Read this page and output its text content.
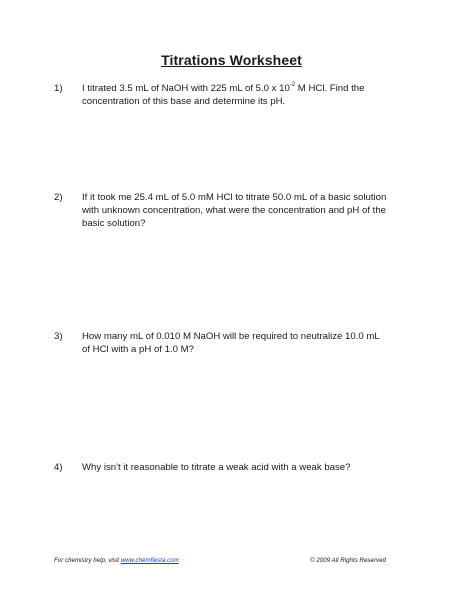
Titrations Worksheet
1) I titrated 3.5 mL of NaOH with 225 mL of 5.0 x $10^{-2}$ M HCl. Find the concentration of this base and determine its pH.
2) If it took me 25.4 mL of 5.0 mM HCl to titrate 50.0 mL of a basic solution with unknown concentration, what were the concentration and pH of the basic solution?
3) How many mL of 0.010 M NaOH will be required to neutralize 10.0 mL of HCl with a pH of 1.0 M?
4) Why isn't it reasonable to titrate a weak acid with a weak base?
For chemistry help, visit www.chemfiesta.com	© 2009 All Rights Reserved
